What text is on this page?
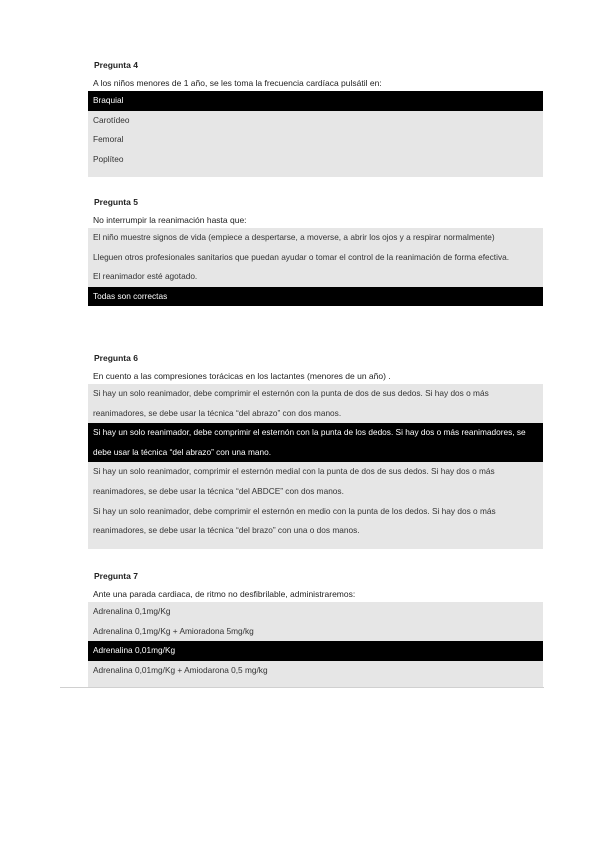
Pregunta 4
A los niños menores de 1 año, se les toma la frecuencia cardíaca pulsátil en:
Braquial
Carotídeo
Femoral
Poplíteo
Pregunta 5
No interrumpir la reanimación hasta que:
El niño muestre signos de vida (empiece a despertarse, a moverse, a abrir los ojos y a respirar normalmente)
Lleguen otros profesionales sanitarios que puedan ayudar o tomar el control de la reanimación de forma efectiva.
El reanimador esté agotado.
Todas son correctas
Pregunta 6
En cuento a las compresiones torácicas en los lactantes (menores de un año) .
Si hay un solo reanimador, debe comprimir el esternón con la punta de dos de sus dedos. Si hay dos o más reanimadores, se debe usar la técnica “del abrazo” con dos manos.
Si hay un solo reanimador, debe comprimir el esternón con la punta de los dedos. Si hay dos o más reanimadores, se debe usar la técnica “del abrazo” con una mano.
Si hay un solo reanimador, comprimir el esternón medial con la punta de dos de sus dedos. Si hay dos o más reanimadores, se debe usar la técnica “del ABDCE” con dos manos.
Si hay un solo reanimador, debe comprimir el esternón en medio con la punta de los dedos. Si hay dos o más reanimadores, se debe usar la técnica “del brazo” con una o dos manos.
Pregunta 7
Ante una parada cardiaca, de ritmo no desfibrilable, administraremos:
Adrenalina 0,1mg/Kg
Adrenalina 0,1mg/Kg + Amioradona 5mg/kg
Adrenalina 0,01mg/Kg
Adrenalina 0,01mg/Kg + Amiodarona 0,5 mg/kg
